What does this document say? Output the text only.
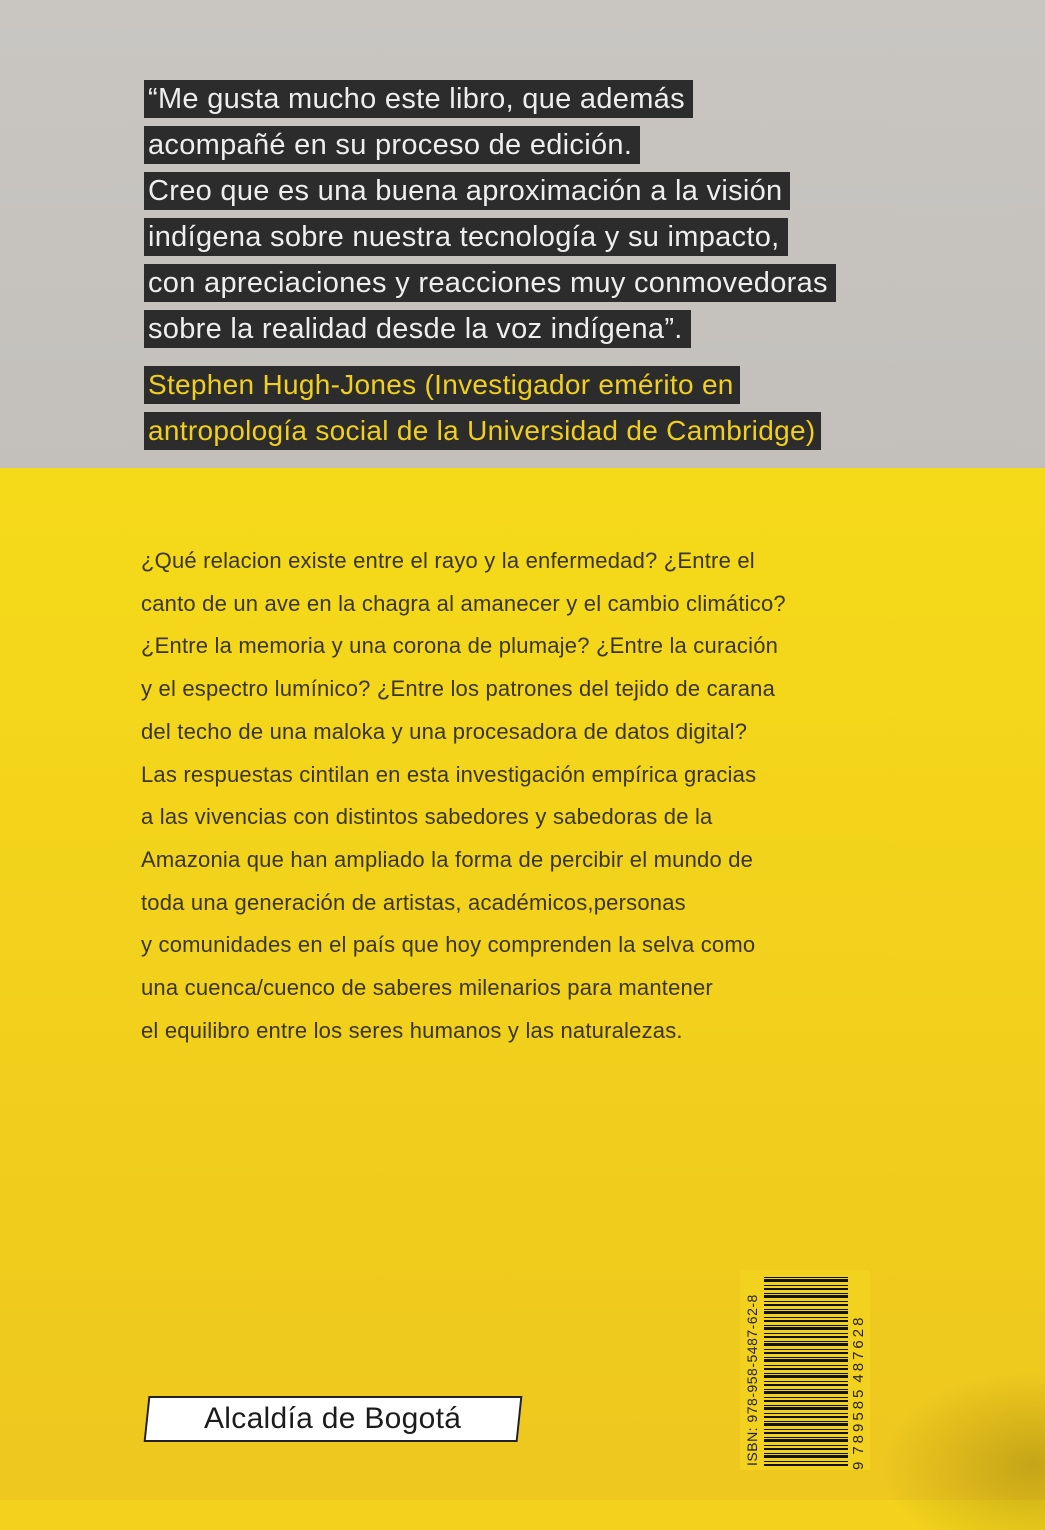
“Me gusta mucho este libro, que además
acompañé en su proceso de edición.
Creo que es una buena aproximación a la visión
indígena sobre nuestra tecnología y su impacto,
con apreciaciones y reacciones muy conmovedoras
sobre la realidad desde la voz indígena”.
Stephen Hugh-Jones (Investigador emérito en
antropología social de la Universidad de Cambridge)
¿Qué relacion existe entre el rayo y la enfermedad? ¿Entre el
canto de un ave en la chagra al amanecer y el cambio climático?
¿Entre la memoria y una corona de plumaje? ¿Entre la curación
y el espectro lumínico? ¿Entre los patrones del tejido de carana
del techo de una maloka y una procesadora de datos digital?
Las respuestas cintilan en esta investigación empírica gracias
a las vivencias con distintos sabedores y sabedoras de la
Amazonia que han ampliado la forma de percibir el mundo de
toda una generación de artistas, académicos,personas
y comunidades en el país que hoy comprenden la selva como
una cuenca/cuenco de saberes milenarios para mantener
el equilibro entre los seres humanos y las naturalezas.
ISBN: 978-958-5487-62-8	9
789585
487628
Alcaldía de Bogotá
